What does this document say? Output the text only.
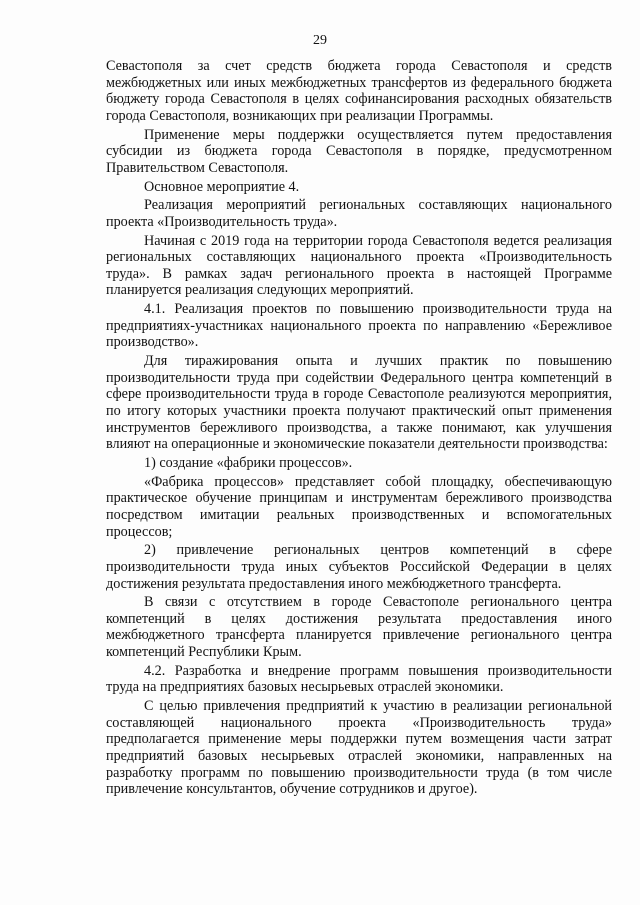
29

Севастополя за счет средств бюджета города Севастополя и средств межбюджетных или иных межбюджетных трансфертов из федерального бюджета бюджету города Севастополя в целях софинансирования расходных обязательств города Севастополя, возникающих при реализации Программы.

Применение меры поддержки осуществляется путем предоставления субсидии из бюджета города Севастополя в порядке, предусмотренном Правительством Севастополя.

Основное мероприятие 4.

Реализация мероприятий региональных составляющих национального проекта «Производительность труда».

Начиная с 2019 года на территории города Севастополя ведется реализация региональных составляющих национального проекта «Производительность труда». В рамках задач регионального проекта в настоящей Программе планируется реализация следующих мероприятий.

4.1. Реализация проектов по повышению производительности труда на предприятиях-участниках национального проекта по направлению «Бережливое производство».

Для тиражирования опыта и лучших практик по повышению производительности труда при содействии Федерального центра компетенций в сфере производительности труда в городе Севастополе реализуются мероприятия, по итогу которых участники проекта получают практический опыт применения инструментов бережливого производства, а также понимают, как улучшения влияют на операционные и экономические показатели деятельности производства:

1) создание «фабрики процессов».

«Фабрика процессов» представляет собой площадку, обеспечивающую практическое обучение принципам и инструментам бережливого производства посредством имитации реальных производственных и вспомогательных процессов;

2) привлечение региональных центров компетенций в сфере производительности труда иных субъектов Российской Федерации в целях достижения результата предоставления иного межбюджетного трансферта.

В связи с отсутствием в городе Севастополе регионального центра компетенций в целях достижения результата предоставления иного межбюджетного трансферта планируется привлечение регионального центра компетенций Республики Крым.

4.2. Разработка и внедрение программ повышения производительности труда на предприятиях базовых несырьевых отраслей экономики.

С целью привлечения предприятий к участию в реализации региональной составляющей национального проекта «Производительность труда» предполагается применение меры поддержки путем возмещения части затрат предприятий базовых несырьевых отраслей экономики, направленных на разработку программ по повышению производительности труда (в том числе привлечение консультантов, обучение сотрудников и другое).
